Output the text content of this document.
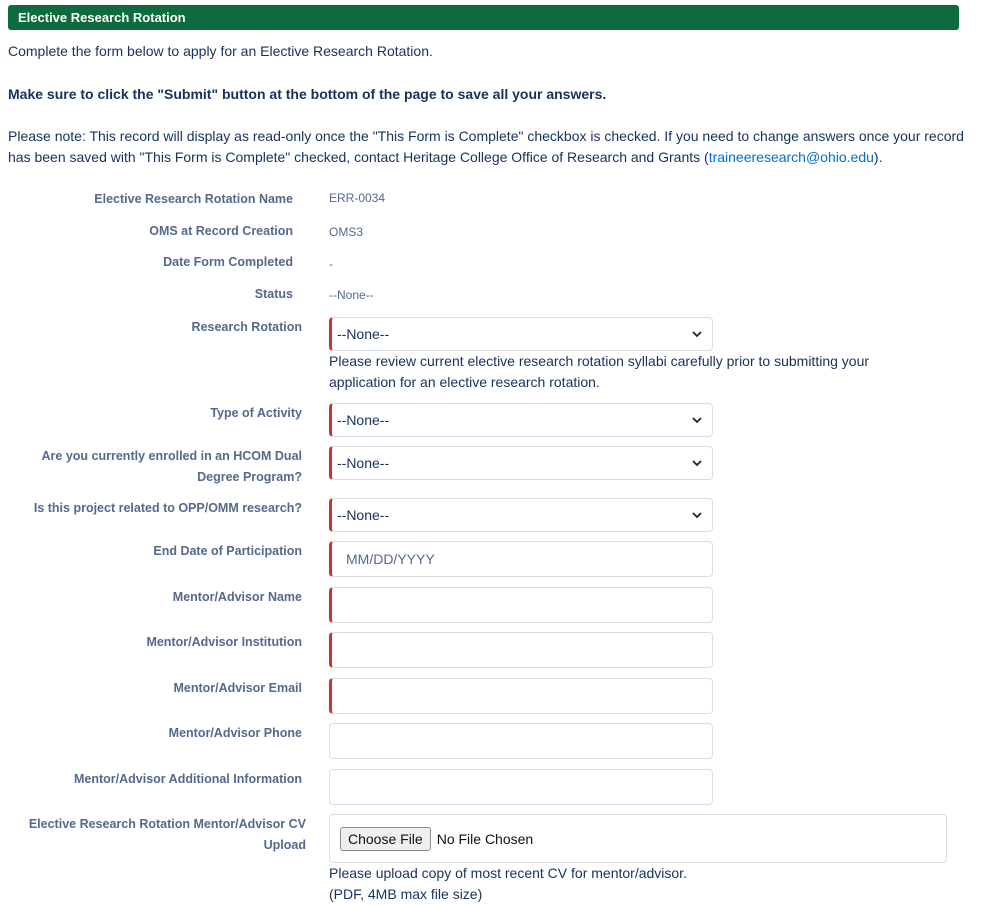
Elective Research Rotation
Complete the form below to apply for an Elective Research Rotation.
Make sure to click the "Submit" button at the bottom of the page to save all your answers.
Please note: This record will display as read-only once the "This Form is Complete" checkbox is checked. If you need to change answers once your record has been saved with "This Form is Complete" checked, contact Heritage College Office of Research and Grants (traineeresearch@ohio.edu).
Elective Research Rotation Name	ERR-0034
OMS at Record Creation	OMS3
Date Form Completed	-
Status	--None--
Research Rotation	--None--
Please review current elective research rotation syllabi carefully prior to submitting your application for an elective research rotation.
Type of Activity	--None--
Are you currently enrolled in an HCOM Dual
Degree Program?
--None--
Is this project related to OPP/OMM research?	--None--
End Date of Participation	MM/DD/YYYY
Mentor/Advisor Name
Mentor/Advisor Institution
Mentor/Advisor Email
Mentor/Advisor Phone
Mentor/Advisor Additional Information
Elective Research Rotation Mentor/Advisor CV
Upload	Choose File	No File Chosen
Please upload copy of most recent CV for mentor/advisor.
(PDF, 4MB max file size)
